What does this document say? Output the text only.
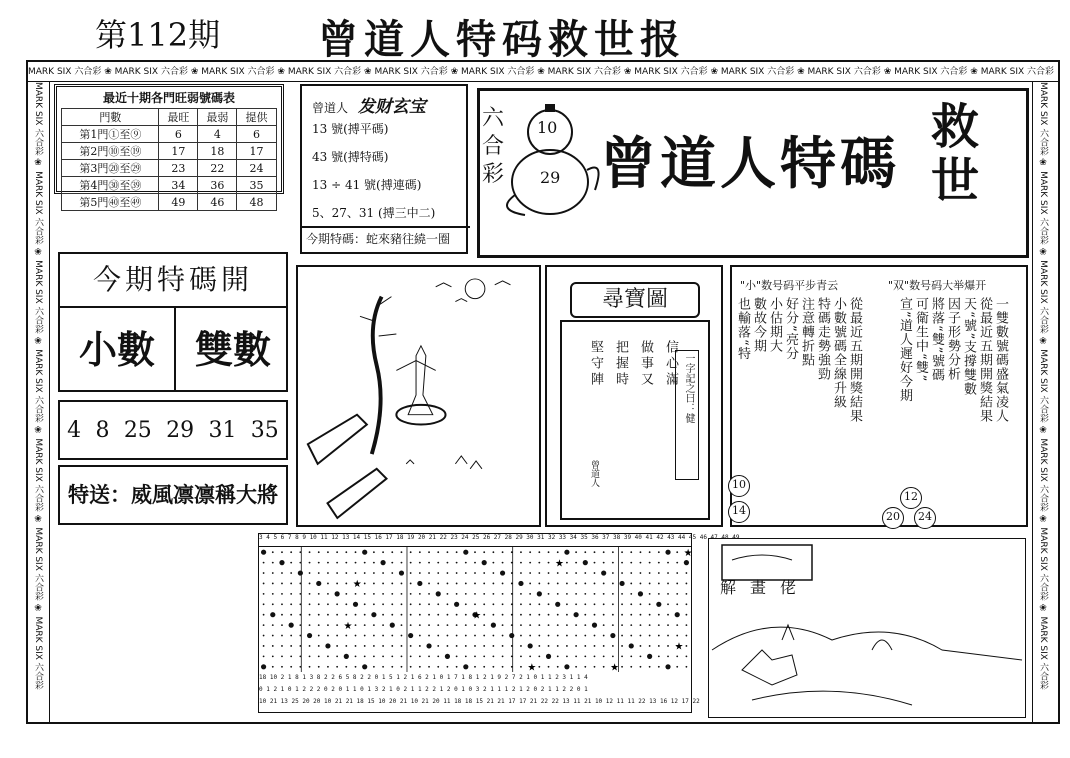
第112期 曾道人特码救世报
MARK SIX 六合彩 ❀ MARK SIX 六合彩 ❀ MARK SIX 六合彩 ❀ MARK SIX 六合彩 ❀ MARK SIX 六合彩 ❀ MARK SIX 六合彩 ❀ MARK SIX 六合彩 ❀ MARK SIX 六合彩 ❀ MARK SIX 六合彩 ❀ MARK SIX 六合彩 ❀ MARK SIX 六合彩 ❀ MARK SIX 六合彩
MARK SIX 六合彩 ❀ MARK SIX 六合彩 ❀ MARK SIX 六合彩 ❀ MARK SIX 六合彩 ❀ MARK SIX 六合彩 ❀ MARK SIX 六合彩 ❀ MARK SIX 六合彩
MARK SIX 六合彩 ❀ MARK SIX 六合彩 ❀ MARK SIX 六合彩 ❀ MARK SIX 六合彩 ❀ MARK SIX 六合彩 ❀ MARK SIX 六合彩 ❀ MARK SIX 六合彩
最近十期各門旺弱號碼表
門數	最旺	最弱	提供
第1門①至⑨	6	4	6
第2門⑩至⑲	17	18	17
第3門⑳至㉙	23	22	24
第4門㉚至㊴	34	36	35
第5門㊵至㊾	49	46	48
曾道人 发财玄宝
13 號(搏平碼)
43 號(搏特碼)
13 ÷ 41 號(搏連碼)
5、27、31 (搏三中二)
今期特碼：蛇來豬往繞一圈
六合彩
10
29 曾道人特碼
救世
今期特碼開
小數	雙數
4 8 25 29 31 35
特送：威風凛凛稱大將
尋寶圖
信心滿
做事又
把握時
堅守陣	一字記之曰：健
曾道人
"小"数号码平步青云	"双"数号码大举爆开
從最近五期開獎結果
小數號碼全線升級
特碼走勢強勁
注意轉折點
好分”亮分
小估期大
數故今期
也輸落“特	一雙數號碼盛氣凌人
從最近五期開獎結果
天“號”支撐雙數
因子形勢分析
將落“雙”號碼
可衛生中“雙”
宣”道人遲好今期
10
14
12
20	24
3 4 5 6 7 8 9 10 11 12 13 14 15 16 17 18 19 20 21 22 23 24 25 26 27 28 29 30 31 32 33 34 35 36 37 38 39 40 41 42 43 44 45 46 47 48 49
★
★
★
★
★
★
★
★
18 10 2 1 8 1 3 8 2 2 6 5 8 2 2 0 1 5 1 2 1 6 2 1 0 1 7 1 8 1 2 1 9 2 7 2 1 0 1 1 2 3 1 1 4
0 1 2 1 0 1 2 2 2 0 2 0 1 1 0 1 3 2 1 0 2 1 1 2 2 1 2 0 1 0 3 2 1 1 1 2 1 2 0 2 1 1 2 2 0 1
10 21 13 25 20 20 10 21 21 18 15 10 20 21 10 21 20 11 18 18 15 21 21 17 17 21 22 22 13 11 21 10 12 11 11 22 13 16 12 17 22
解畫佬
